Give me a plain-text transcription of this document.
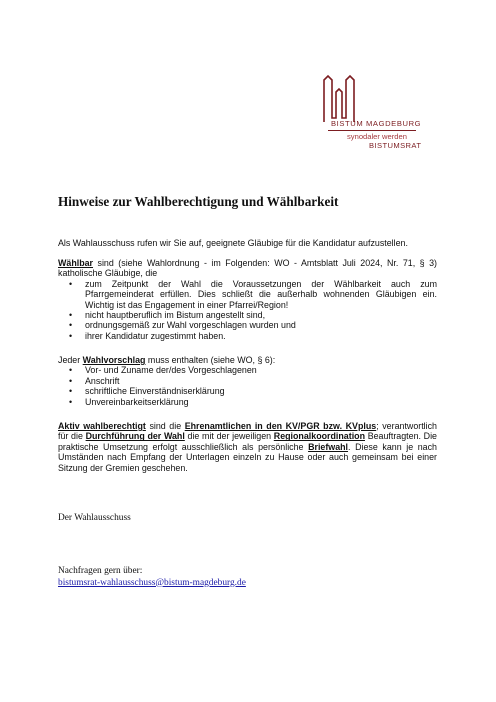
BISTUM MAGDEBURG
synodaler werden
BISTUMSRAT
Hinweise zur Wahlberechtigung und Wählbarkeit
Als Wahlausschuss rufen wir Sie auf, geeignete Gläubige für die Kandidatur aufzustellen.
Wählbar sind (siehe Wahlordnung - im Folgenden: WO - Amtsblatt Juli 2024, Nr. 71, § 3) katholische Gläubige, die
• zum Zeitpunkt der Wahl die Voraussetzungen der Wählbarkeit auch zum Pfarrgemeinderat erfüllen. Dies schließt die außerhalb wohnenden Gläubigen ein. Wichtig ist das Engagement in einer Pfarrei/Region!
• nicht hauptberuflich im Bistum angestellt sind,
• ordnungsgemäß zur Wahl vorgeschlagen wurden und
• ihrer Kandidatur zugestimmt haben.
Jeder Wahlvorschlag muss enthalten (siehe WO, § 6):
• Vor- und Zuname der/des Vorgeschlagenen
• Anschrift
• schriftliche Einverständniserklärung
• Unvereinbarkeitserklärung
Aktiv wahlberechtigt sind die Ehrenamtlichen in den KV/PGR bzw. KVplus; verantwortlich für die Durchführung der Wahl die mit der jeweiligen Regionalkoordination Beauftragten. Die praktische Umsetzung erfolgt ausschließlich als persönliche Briefwahl. Diese kann je nach Umständen nach Empfang der Unterlagen einzeln zu Hause oder auch gemeinsam bei einer Sitzung der Gremien geschehen.
Der Wahlausschuss
Nachfragen gern über:
bistumsrat-wahlausschuss@bistum-magdeburg.de
